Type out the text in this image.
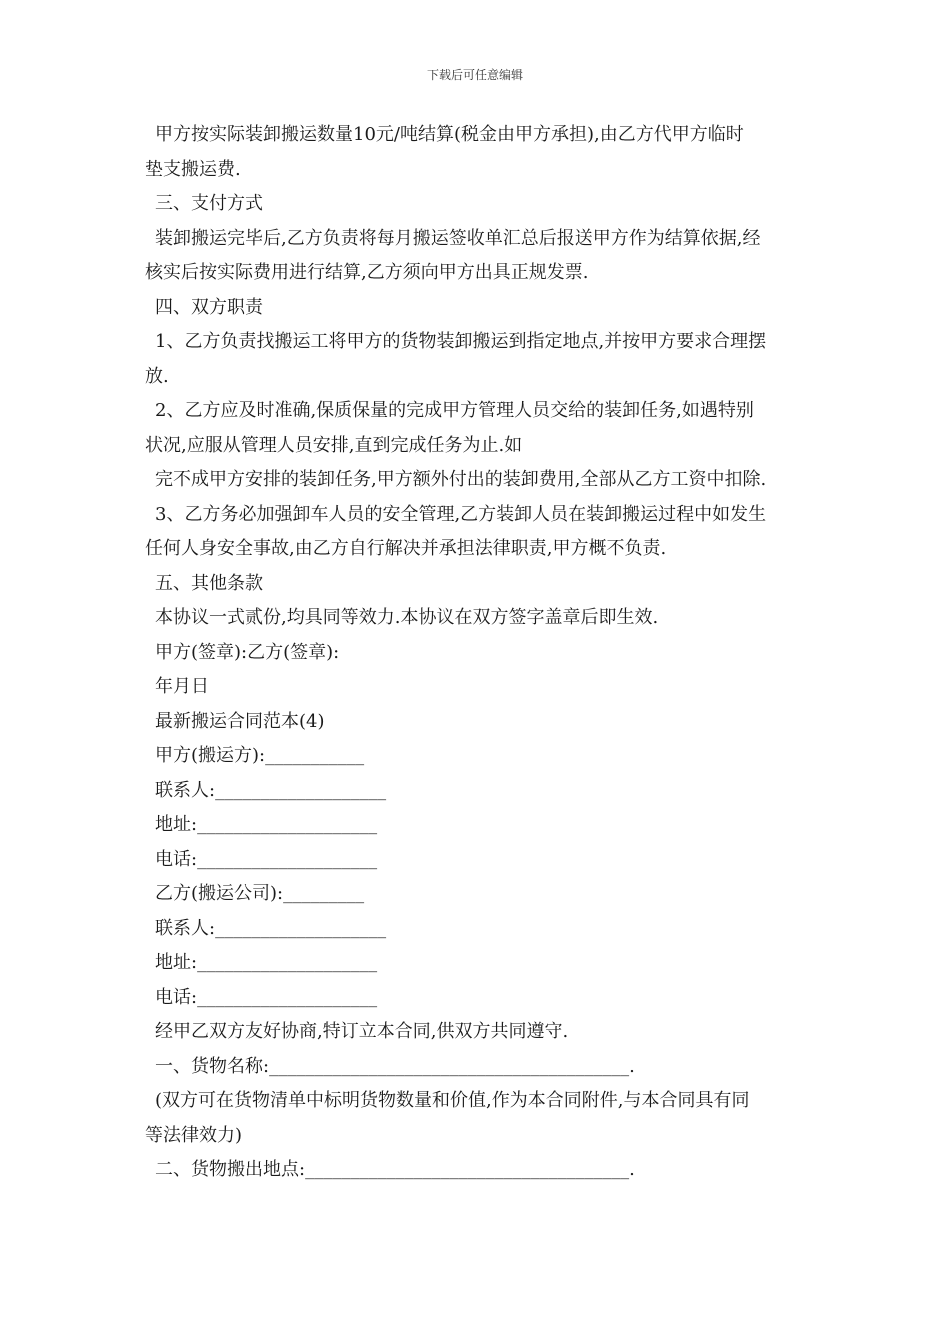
下载后可任意编辑
甲方按实际装卸搬运数量10元/吨结算(税金由甲方承担),由乙方代甲方临时
垫支搬运费.
三、支付方式
装卸搬运完毕后,乙方负责将每月搬运签收单汇总后报送甲方作为结算依据,经
核实后按实际费用进行结算,乙方须向甲方出具正规发票.
四、双方职责
1、乙方负责找搬运工将甲方的货物装卸搬运到指定地点,并按甲方要求合理摆
放.
2、乙方应及时准确,保质保量的完成甲方管理人员交给的装卸任务,如遇特别
状况,应服从管理人员安排,直到完成任务为止.如
完不成甲方安排的装卸任务,甲方额外付出的装卸费用,全部从乙方工资中扣除.
3、乙方务必加强卸车人员的安全管理,乙方装卸人员在装卸搬运过程中如发生
任何人身安全事故,由乙方自行解决并承担法律职责,甲方概不负责.
五、其他条款
本协议一式贰份,均具同等效力.本协议在双方签字盖章后即生效.
甲方(签章):乙方(签章):
年月日
最新搬运合同范本(4)
甲方(搬运方):___________
联系人:___________________
地址:____________________
电话:____________________
乙方(搬运公司):_________
联系人:___________________
地址:____________________
电话:____________________
经甲乙双方友好协商,特订立本合同,供双方共同遵守.
一、货物名称:________________________________________.
(双方可在货物清单中标明货物数量和价值,作为本合同附件,与本合同具有同
等法律效力)
二、货物搬出地点:____________________________________.
